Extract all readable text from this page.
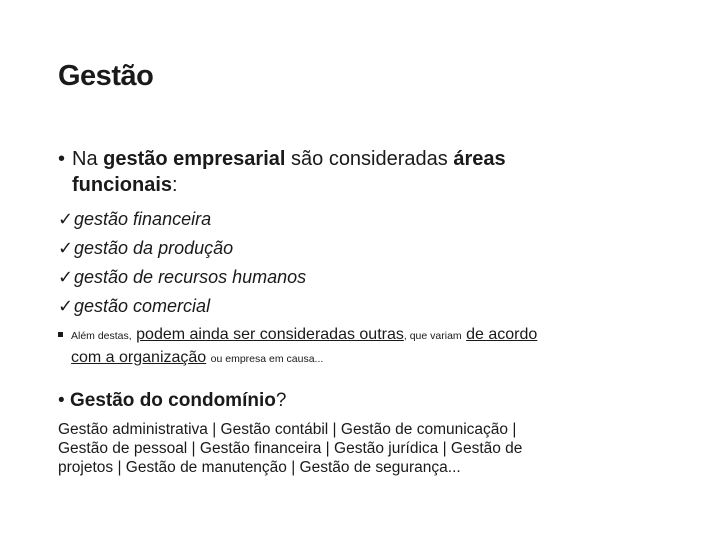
Gestão
• Na gestão empresarial são consideradas áreas
funcionais:
✓gestão financeira
✓gestão da produção
✓gestão de recursos humanos
✓gestão comercial
Além destas, podem ainda ser consideradas outras, que variam de acordo
com a organização ou empresa em causa...
• Gestão do condomínio?
Gestão administrativa | Gestão contábil | Gestão de comunicação |
Gestão de pessoal | Gestão financeira | Gestão jurídica | Gestão de
projetos | Gestão de manutenção | Gestão de segurança...
